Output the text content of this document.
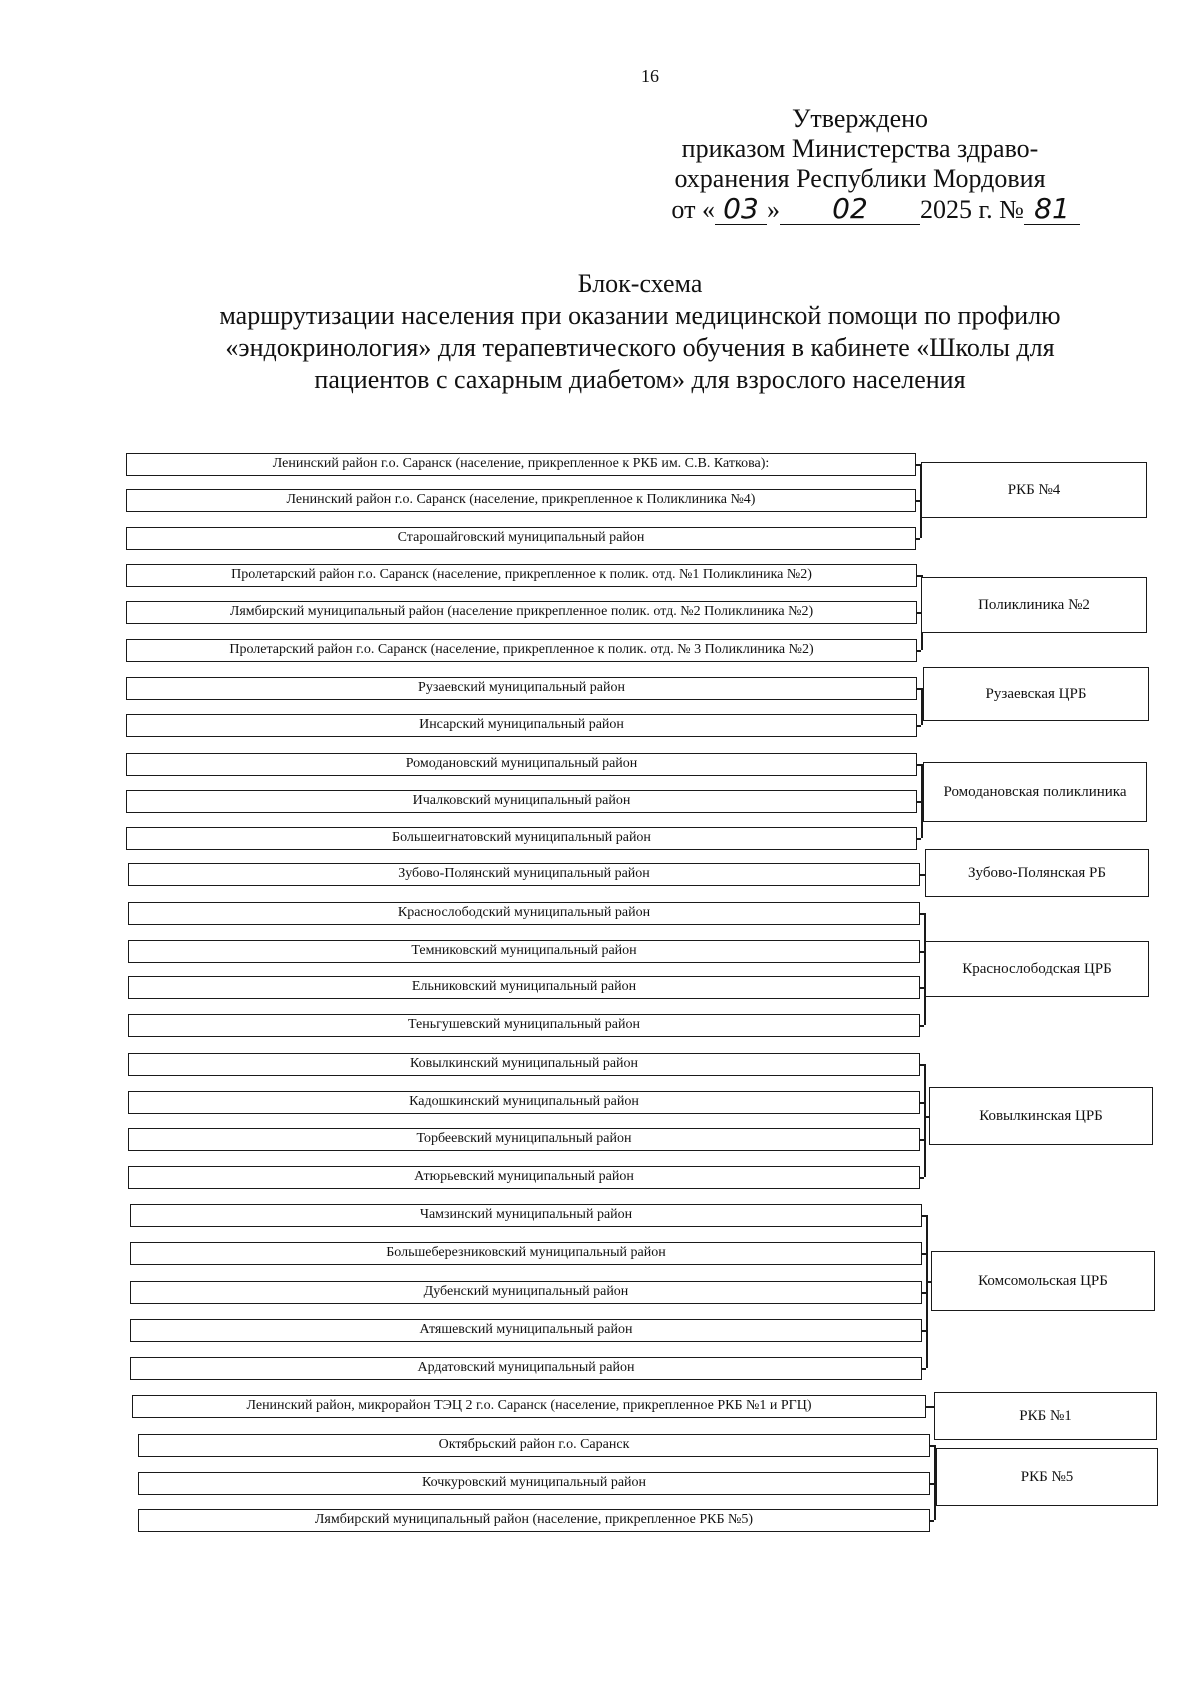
16
Утверждено
приказом Министерства здраво-
охранения Республики Мордовия
от « 03 » 02 2025 г. № 81
Блок-схема
маршрутизации населения при оказании медицинской помощи по профилю
«эндокринология» для терапевтического обучения в кабинете «Школы для
пациентов с сахарным диабетом» для взрослого населения
Ленинский район г.о. Саранск (население, прикрепленное к РКБ им. С.В. Каткова):
Ленинский район г.о. Саранск (население, прикрепленное к Поликлиника №4)
Старошайговский муниципальный район
РКБ №4
Пролетарский район г.о. Саранск (население, прикрепленное к полик. отд. №1 Поликлиника №2)
Лямбирский муниципальный район (население прикрепленное полик. отд. №2 Поликлиника №2)
Пролетарский район г.о. Саранск (население, прикрепленное к полик. отд. № 3 Поликлиника №2)
Поликлиника №2
Рузаевский муниципальный район
Инсарский муниципальный район
Рузаевская ЦРБ
Ромодановский муниципальный район
Ичалковский муниципальный район
Большеигнатовский муниципальный район
Ромодановская поликлиника
Зубово-Полянский муниципальный район	Зубово-Полянская РБ
Краснослободский муниципальный район
Темниковский муниципальный район
Ельниковский муниципальный район
Теньгушевский муниципальный район
Краснослободская ЦРБ
Ковылкинский муниципальный район
Кадошкинский муниципальный район
Торбеевский муниципальный район
Атюрьевский муниципальный район
Ковылкинская ЦРБ
Чамзинский муниципальный район
Большеберезниковский муниципальный район
Дубенский муниципальный район
Атяшевский муниципальный район
Ардатовский муниципальный район
Комсомольская ЦРБ
Ленинский район, микрорайон ТЭЦ 2 г.о. Саранск (население, прикрепленное РКБ №1 и РГЦ)
РКБ №1
Октябрьский район г.о. Саранск
Кочкуровский муниципальный район
Лямбирский муниципальный район (население, прикрепленное РКБ №5)
РКБ №5
